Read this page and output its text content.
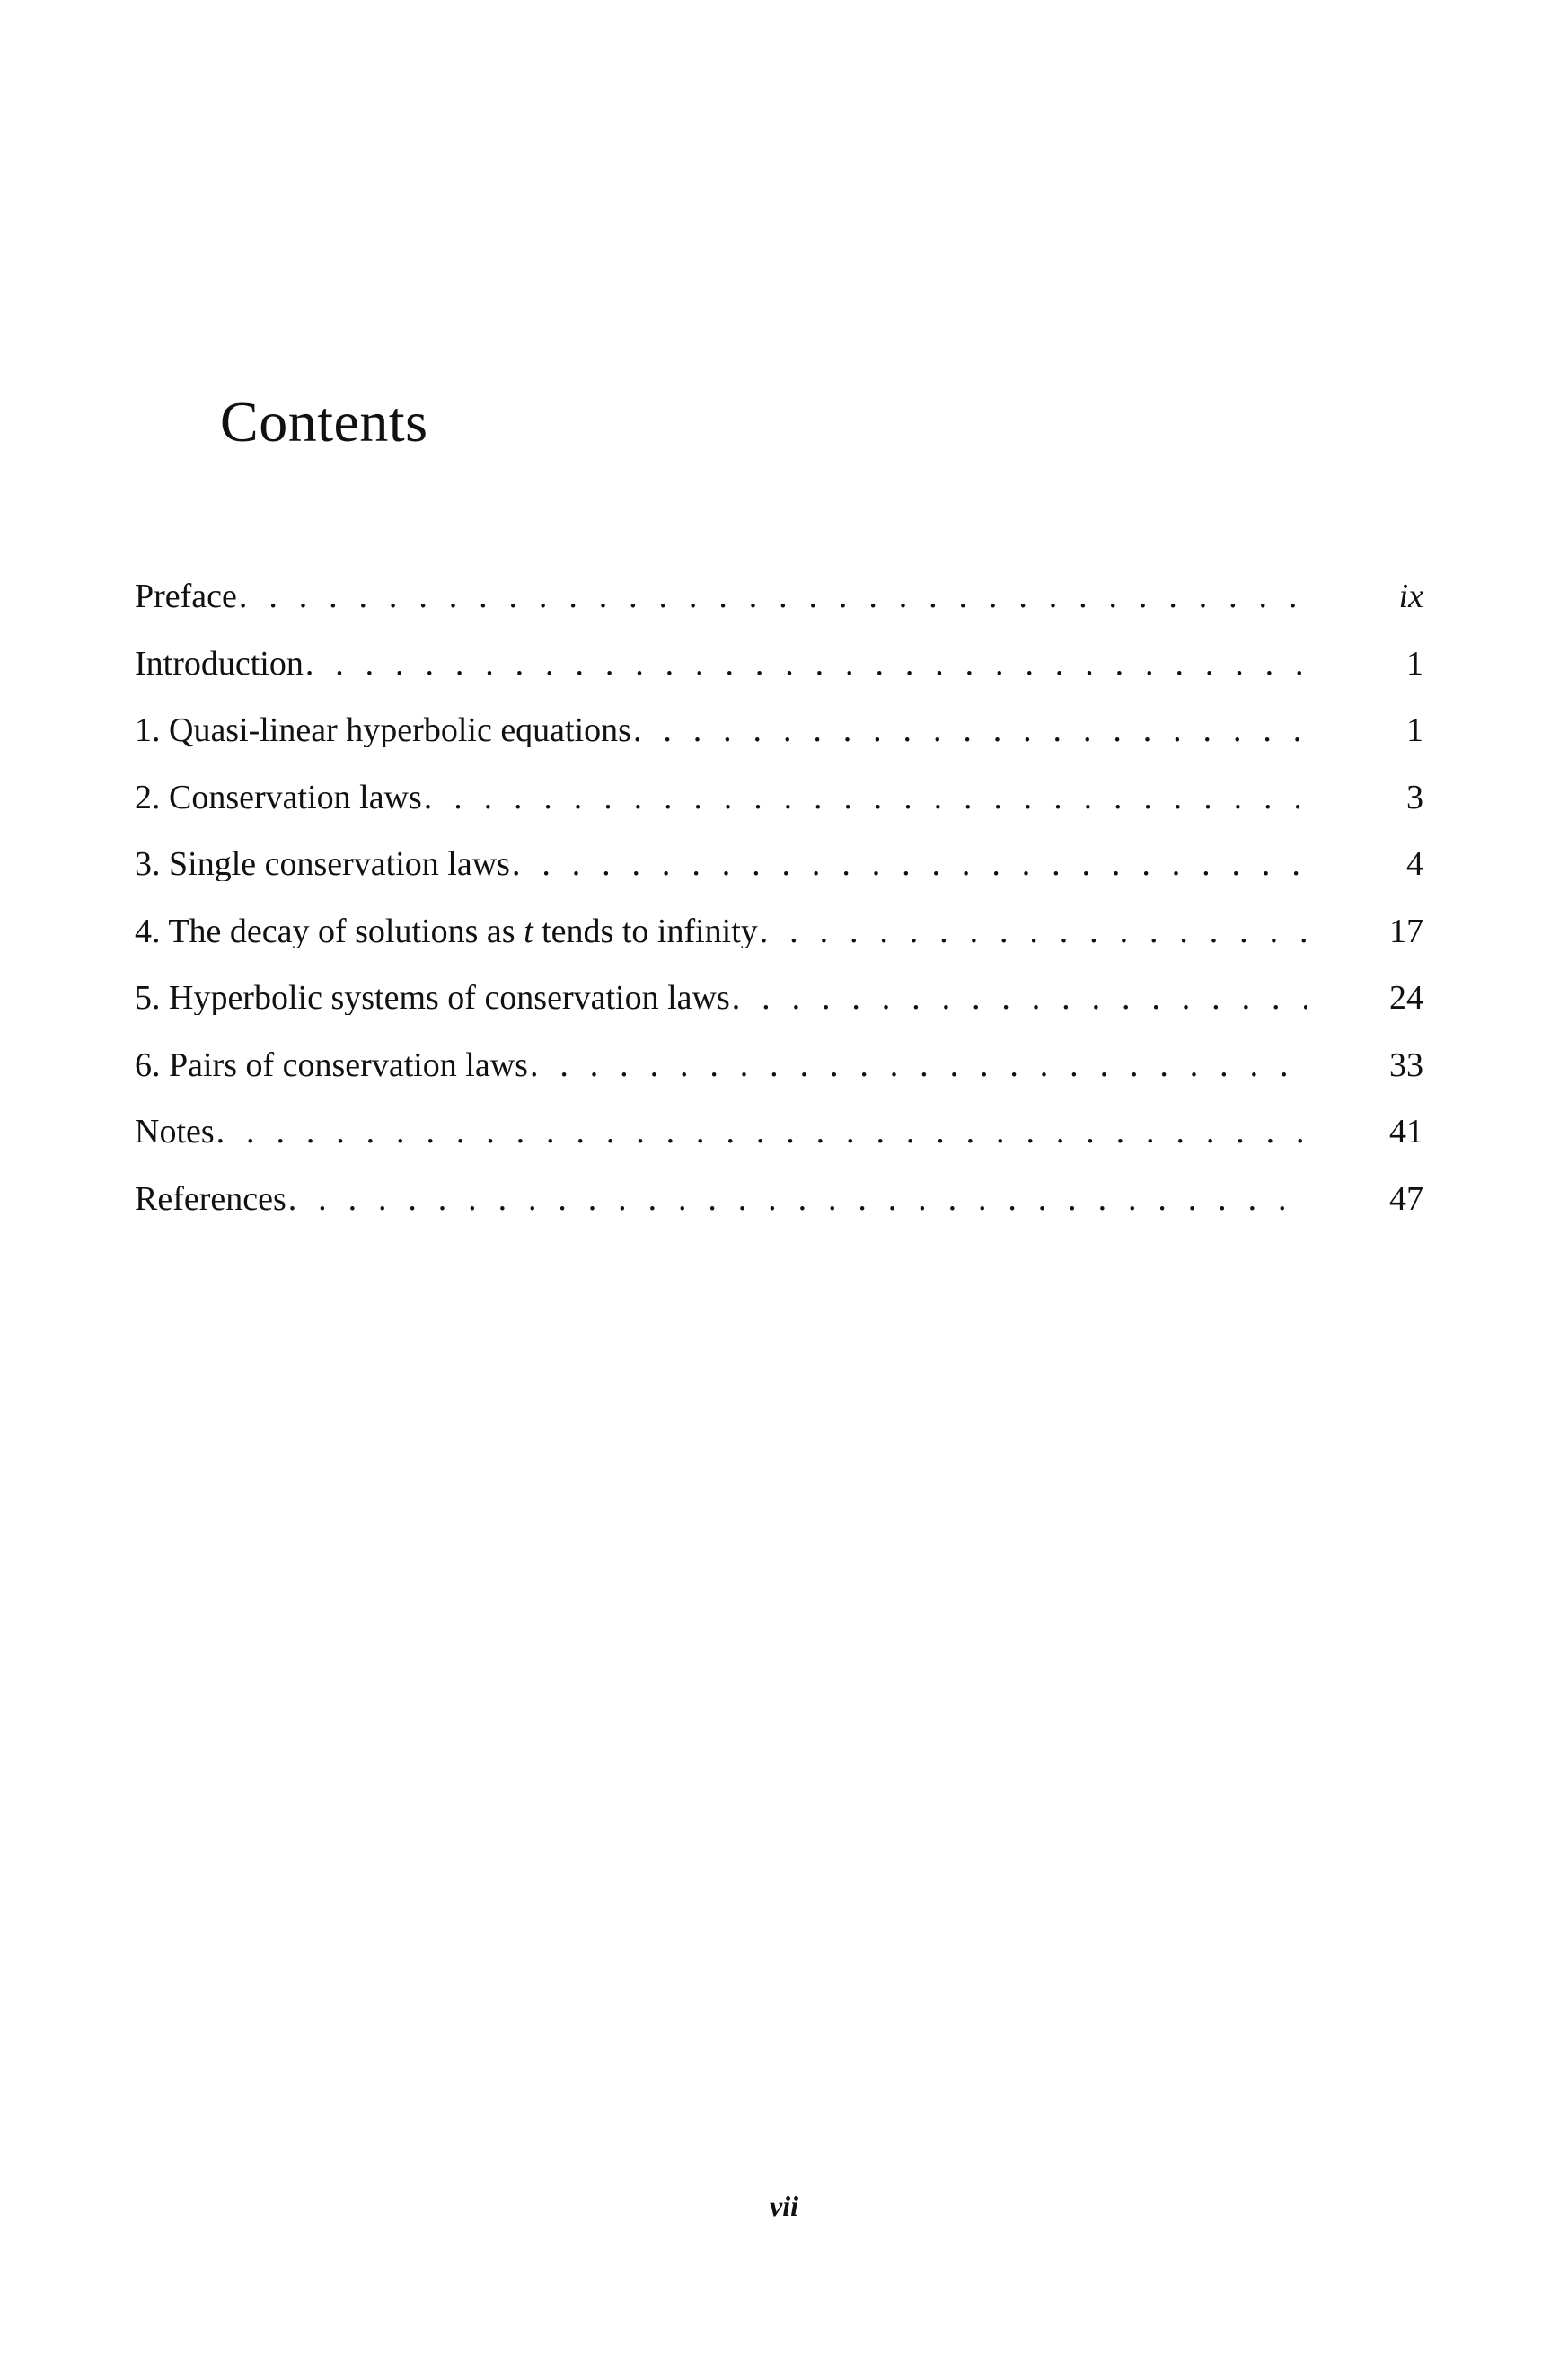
Contents
Preface . . .	ix
Introduction . . .	1
1. Quasi-linear hyperbolic equations . . .	1
2. Conservation laws . . .	3
3. Single conservation laws . . .	4
4. The decay of solutions as t tends to infinity . . .	17
5. Hyperbolic systems of conservation laws . . .	24
6. Pairs of conservation laws . . .	33
Notes . . .	41
References . . .	47
vii
